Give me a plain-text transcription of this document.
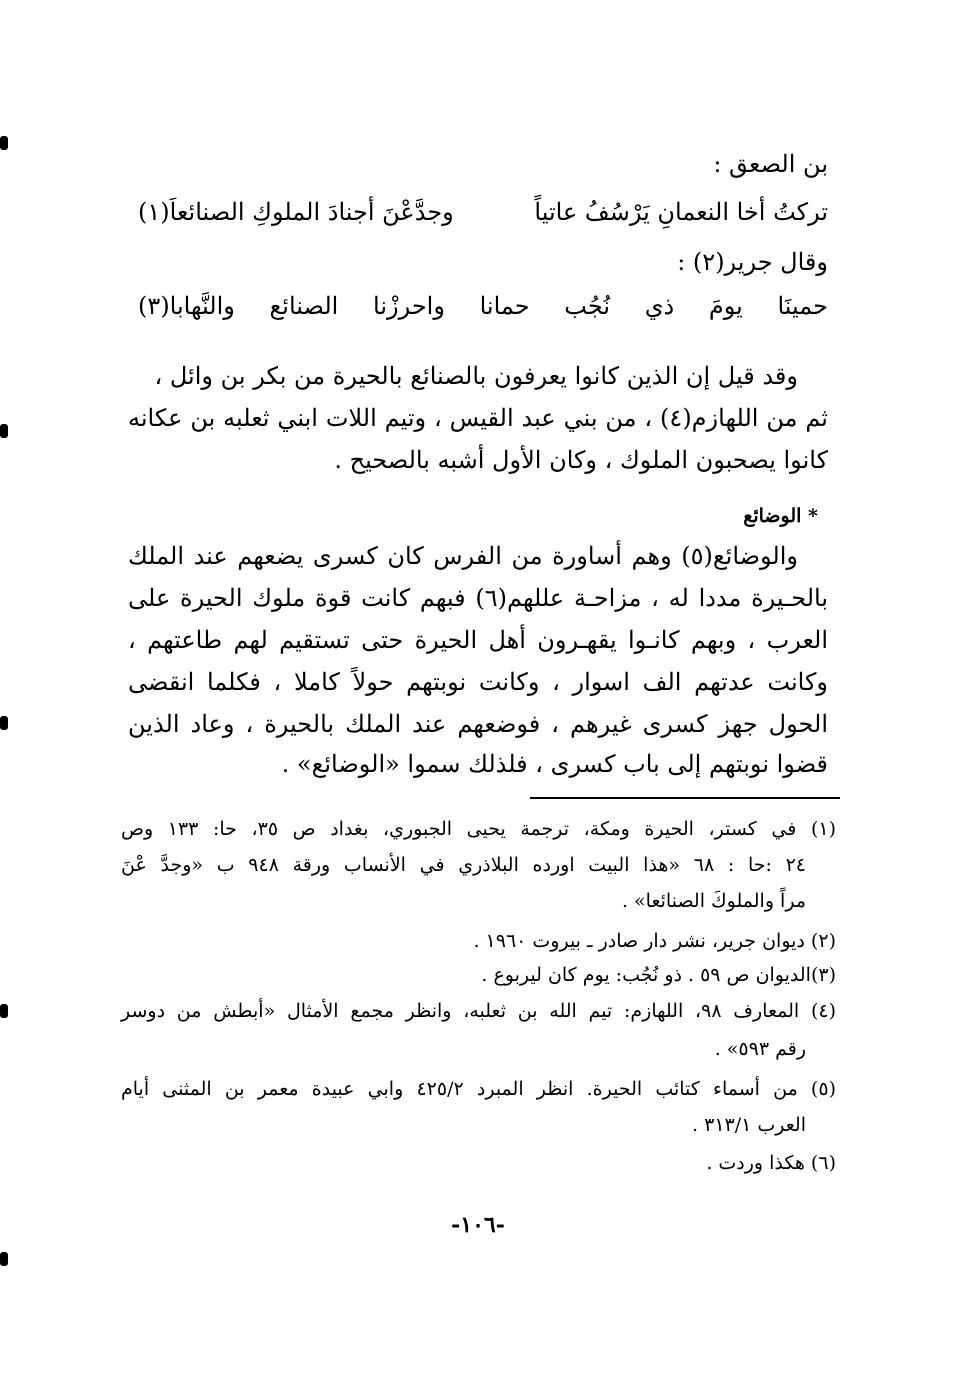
بن الصعق :
تركتُ أخا النعمانِ يَرْسُفُ عاتياً
وجدَّعْنَ أجنادَ الملوكِ الصنائعاَ(١)
وقال جرير(٢) :
حمينَا
يومَ
ذي
نُجُب
حمانا
واحرزْنا
الصنائع
والنَّهابا(٣)
وقد قيل إن الذين كانوا يعرفون بالصنائع بالحيرة من بكر بن وائل ،
ثم من اللهازم(٤) ، من بني عبد القيس ، وتيم اللات ابني ثعلبه بن عكانه
كانوا يصحبون الملوك ، وكان الأول أشبه بالصحيح .
* الوضائع
والوضائع(٥) وهم أساورة من الفرس كان كسرى يضعهم عند الملك
بالحـيرة مددا له ، مزاحـة عللهم(٦) فبهم كانت قوة ملوك الحيرة على
العرب ، وبهم كانـوا يقهـرون أهل الحيرة حتى تستقيم لهم طاعتهم ،
وكانت عدتهم الف اسوار ، وكانت نوبتهم حولاً كاملا ، فكلما انقضى
الحول جهز كسرى غيرهم ، فوضعهم عند الملك بالحيرة ، وعاد الذين
قضوا نوبتهم إلى باب كسرى ، فلذلك سموا «الوضائع» .
(١) في كستر، الحيرة ومكة، ترجمة يحيى الجبوري، بغداد ص ٣٥، حا: ١٣٣ وص
٢٤ :حا : ٦٨ «هذا البيت اورده البلاذري في الأنساب ورقة ٩٤٨ ب «وجدَّ عْنَ
مراً والملوكَ الصنائعا» .
(٢) ديوان جرير، نشر دار صادر ـ بيروت ١٩٦٠ .
(٣)الديوان ص ٥٩ . ذو نُجُب: يوم كان ليربوع .
(٤) المعارف ٩٨، اللهازم: تيم الله بن ثعلبه، وانظر مجمع الأمثال «أبطش من دوسر
رقم ٥٩٣» .
(٥) من أسماء كتائب الحيرة. انظر المبرد ٤٢٥/٢ وابي عبيدة معمر بن المثنى أيام
العرب ٣١٣/١ .
(٦) هكذا وردت .
-١٠٦-
